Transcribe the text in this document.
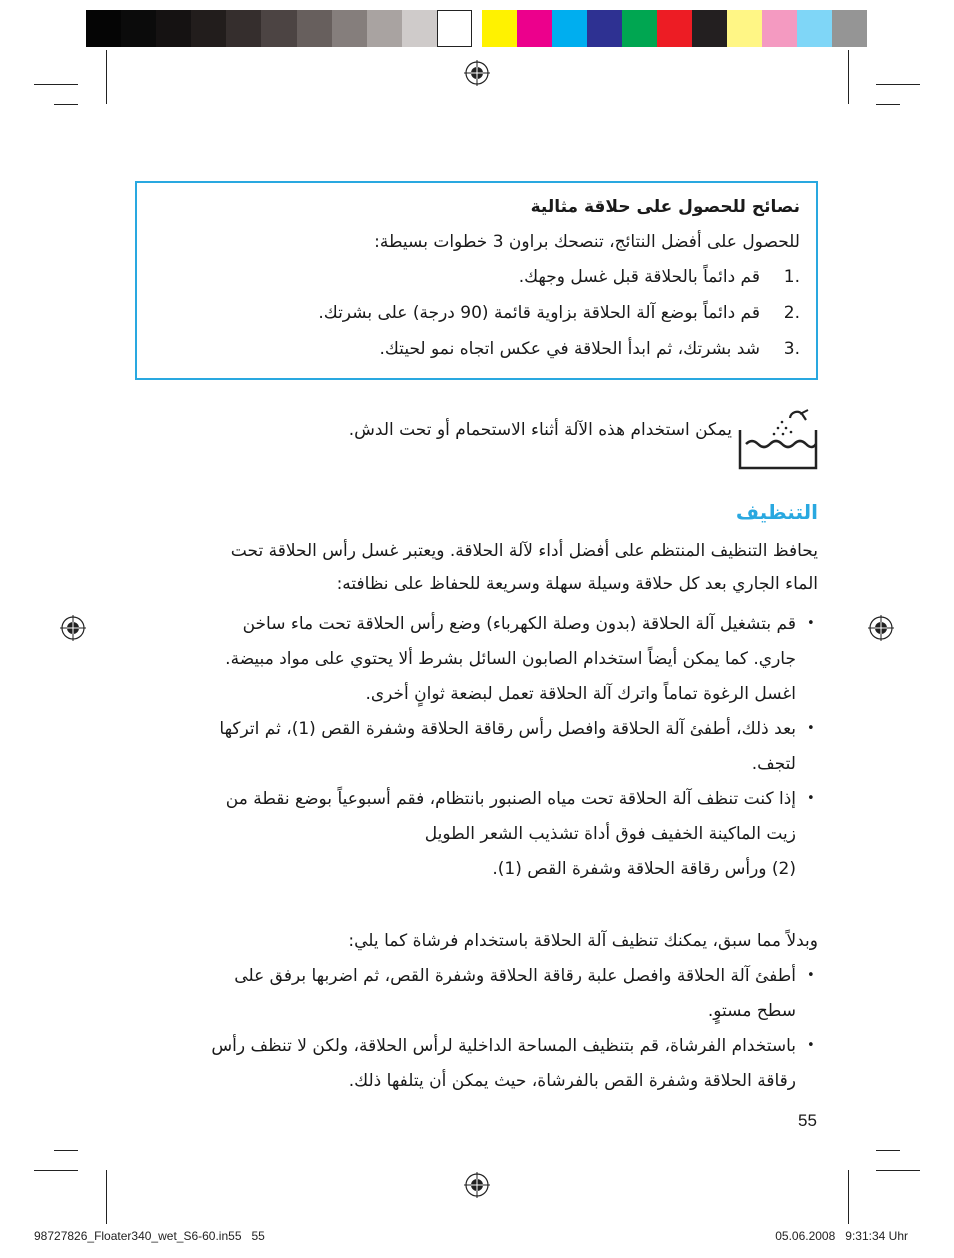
نصائح للحصول على حلاقة مثالية
للحصول على أفضل النتائج، تنصحك براون 3 خطوات بسيطة:
1.
قم دائماً بالحلاقة قبل غسل وجهك.
2.
قم دائماً بوضع آلة الحلاقة بزاوية قائمة (90 درجة) على بشرتك.
3.
شد بشرتك، ثم ابدأ الحلاقة في عكس اتجاه نمو لحيتك.
يمكن استخدام هذه الآلة أثناء الاستحمام أو تحت الدش.
التنظيف
يحافظ التنظيف المنتظم على أفضل أداء لآلة الحلاقة. ويعتبر غسل رأس الحلاقة تحت
الماء الجاري بعد كل حلاقة وسيلة سهلة وسريعة للحفاظ على نظافته:
•
قم بتشغيل آلة الحلاقة (بدون وصلة الكهرباء) وضع رأس الحلاقة تحت ماء ساخن
جاري. كما يمكن أيضاً استخدام الصابون السائل بشرط ألا يحتوي على مواد مبيضة.
اغسل الرغوة تماماً واترك آلة الحلاقة تعمل لبضعة ثوانٍ أخرى.
•
بعد ذلك، أطفئ آلة الحلاقة وافصل رأس رقاقة الحلاقة وشفرة القص (1)، ثم اتركها
لتجف.
•
إذا كنت تنظف آلة الحلاقة تحت مياه الصنبور بانتظام، فقم أسبوعياً بوضع نقطة من
زيت الماكينة الخفيف فوق أداة تشذيب الشعر الطويل
(2) ورأس رقاقة الحلاقة وشفرة القص (1).
وبدلاً مما سبق، يمكنك تنظيف آلة الحلاقة باستخدام فرشاة كما يلي:
•
أطفئ آلة الحلاقة وافصل علبة رقاقة الحلاقة وشفرة القص، ثم اضربها برفق على
سطح مستوٍ.
•
باستخدام الفرشاة، قم بتنظيف المساحة الداخلية لرأس الحلاقة، ولكن لا تنظف رأس
رقاقة الحلاقة وشفرة القص بالفرشاة، حيث يمكن أن يتلفها ذلك.
55
98727826_Floater340_wet_S6-60.in55   55	05.06.2008   9:31:34 Uhr
